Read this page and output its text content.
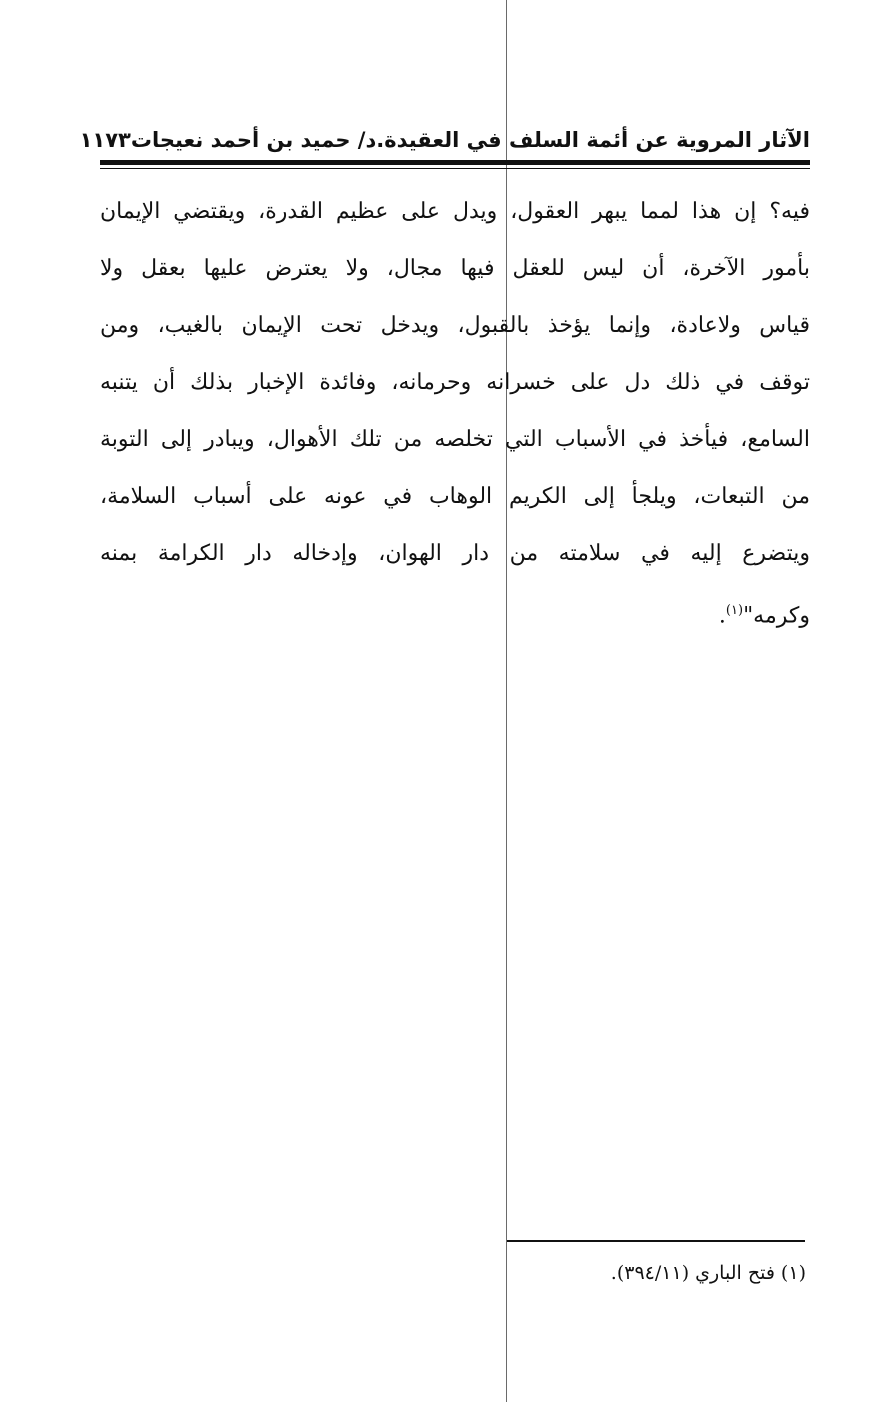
الآثار المروية عن أئمة السلف في العقيدة.د/ حميد بن أحمد نعيجات
١١٧٣
فيه؟ إن هذا لمما يبهر العقول، ويدل على عظيم القدرة، ويقتضي الإيمان
بأمور الآخرة، أن ليس للعقل فيها مجال، ولا يعترض عليها بعقل ولا
قياس ولاعادة، وإنما يؤخذ بالقبول، ويدخل تحت الإيمان بالغيب، ومن
توقف في ذلك دل على خسرانه وحرمانه، وفائدة الإخبار بذلك أن يتنبه
السامع، فيأخذ في الأسباب التي تخلصه من تلك الأهوال، ويبادر إلى التوبة
من التبعات، ويلجأ إلى الكريم الوهاب في عونه على أسباب السلامة،
ويتضرع إليه في سلامته من دار الهوان، وإدخاله دار الكرامة بمنه
وكرمه"$^{(١)}$.
(١) فتح الباري (٣٩٤/١١).
